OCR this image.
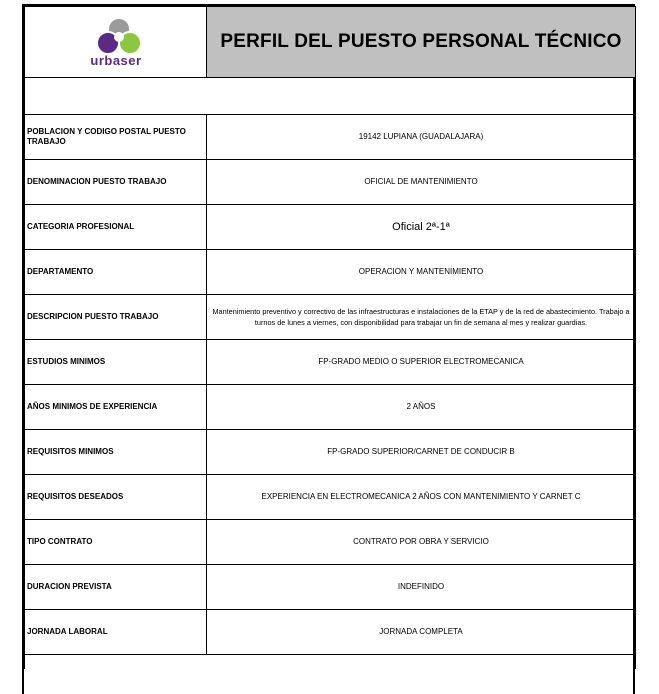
urbaser	PERFIL DEL PUESTO PERSONAL TÉCNICO

POBLACION Y CODIGO POSTAL PUESTO TRABAJO	19142 LUPIANA (GUADALAJARA)
DENOMINACION PUESTO TRABAJO	OFICIAL DE MANTENIMIENTO
CATEGORIA PROFESIONAL	Oficial 2ª-1ª
DEPARTAMENTO	OPERACION Y MANTENIMIENTO
DESCRIPCION PUESTO TRABAJO	Mantenimiento preventivo y correctivo de las infraestructuras e instalaciones de la ETAP y de la red de abastecimiento. Trabajo a turnos de lunes a viernes, con disponibilidad para trabajar un fin de semana al mes y realizar guardias.
ESTUDIOS MINIMOS	FP-GRADO MEDIO O SUPERIOR ELECTROMECANICA
AÑOS MINIMOS DE EXPERIENCIA	2 AÑOS
REQUISITOS MINIMOS	FP-GRADO SUPERIOR/CARNET DE CONDUCIR B
REQUISITOS DESEADOS	EXPERIENCIA EN ELECTROMECANICA 2 AÑOS CON MANTENIMIENTO Y CARNET C
TIPO CONTRATO	CONTRATO POR OBRA Y SERVICIO
DURACION PREVISTA	INDEFINIDO
JORNADA LABORAL	JORNADA COMPLETA
